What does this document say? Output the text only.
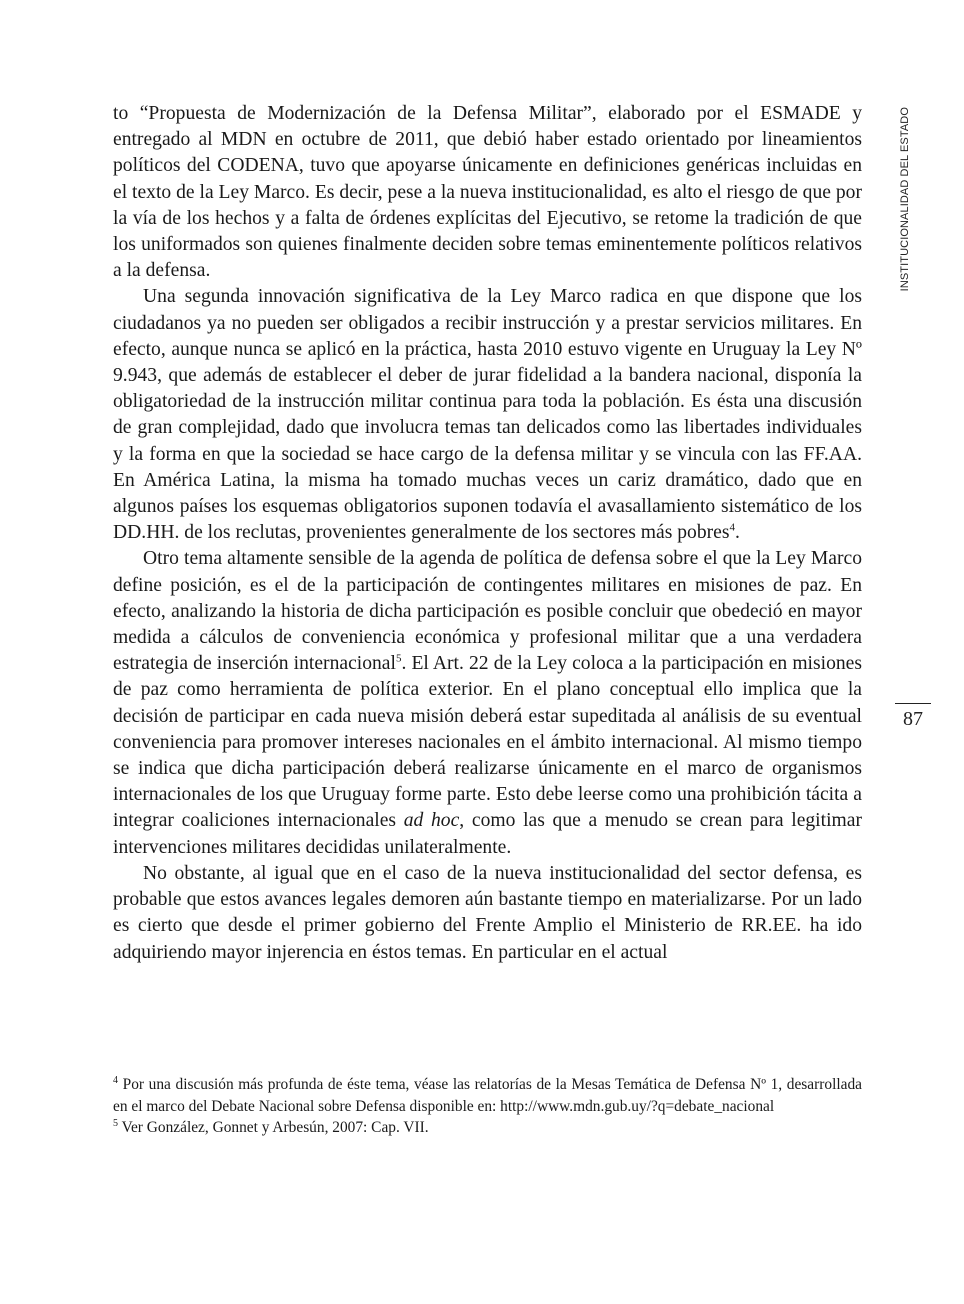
to “Propuesta de Modernización de la Defensa Militar”, elaborado por el ESMADE y entregado al MDN en octubre de 2011, que debió haber estado orientado por lineamientos políticos del CODENA, tuvo que apoyarse únicamente en definiciones genéricas incluidas en el texto de la Ley Marco. Es decir, pese a la nueva institucionalidad, es alto el riesgo de que por la vía de los hechos y a falta de órdenes explícitas del Ejecutivo, se retome la tradición de que los uniformados son quienes finalmente deciden sobre temas eminentemente políticos relativos a la defensa.

Una segunda innovación significativa de la Ley Marco radica en que dispone que los ciudadanos ya no pueden ser obligados a recibir instrucción y a prestar servicios militares. En efecto, aunque nunca se aplicó en la práctica, hasta 2010 estuvo vigente en Uruguay la Ley Nº 9.943, que además de establecer el deber de jurar fidelidad a la bandera nacional, disponía la obligatoriedad de la instrucción militar continua para toda la población. Es ésta una discusión de gran complejidad, dado que involucra temas tan delicados como las libertades individuales y la forma en que la sociedad se hace cargo de la defensa militar y se vincula con las FF.AA. En América Latina, la misma ha tomado muchas veces un cariz dramático, dado que en algunos países los esquemas obligatorios suponen todavía el avasallamiento sistemático de los DD.HH. de los reclutas, provenientes generalmente de los sectores más pobres$^4$.

Otro tema altamente sensible de la agenda de política de defensa sobre el que la Ley Marco define posición, es el de la participación de contingentes militares en misiones de paz. En efecto, analizando la historia de dicha participación es posible concluir que obedeció en mayor medida a cálculos de conveniencia económica y profesional militar que a una verdadera estrategia de inserción internacional$^5$. El Art. 22 de la Ley coloca a la participación en misiones de paz como herramienta de política exterior. En el plano conceptual ello implica que la decisión de participar en cada nueva misión deberá estar supeditada al análisis de su eventual conveniencia para promover intereses nacionales en el ámbito internacional. Al mismo tiempo se indica que dicha participación deberá realizarse únicamente en el marco de organismos internacionales de los que Uruguay forme parte. Esto debe leerse como una prohibición tácita a integrar coaliciones internacionales ad hoc, como las que a menudo se crean para legitimar intervenciones militares decididas unilateralmente.

No obstante, al igual que en el caso de la nueva institucionalidad del sector defensa, es probable que estos avances legales demoren aún bastante tiempo en materializarse. Por un lado es cierto que desde el primer gobierno del Frente Amplio el Ministerio de RR.EE. ha ido adquiriendo mayor injerencia en éstos temas. En particular en el actual

$^4$ Por una discusión más profunda de éste tema, véase las relatorías de la Mesas Temática de Defensa Nº 1, desarrollada en el marco del Debate Nacional sobre Defensa disponible en: http://www.mdn.gub.uy/?q=debate_nacional

$^5$ Ver González, Gonnet y Arbesún, 2007: Cap. VII.

INSTITUCIONALIDAD DEL ESTADO
87
